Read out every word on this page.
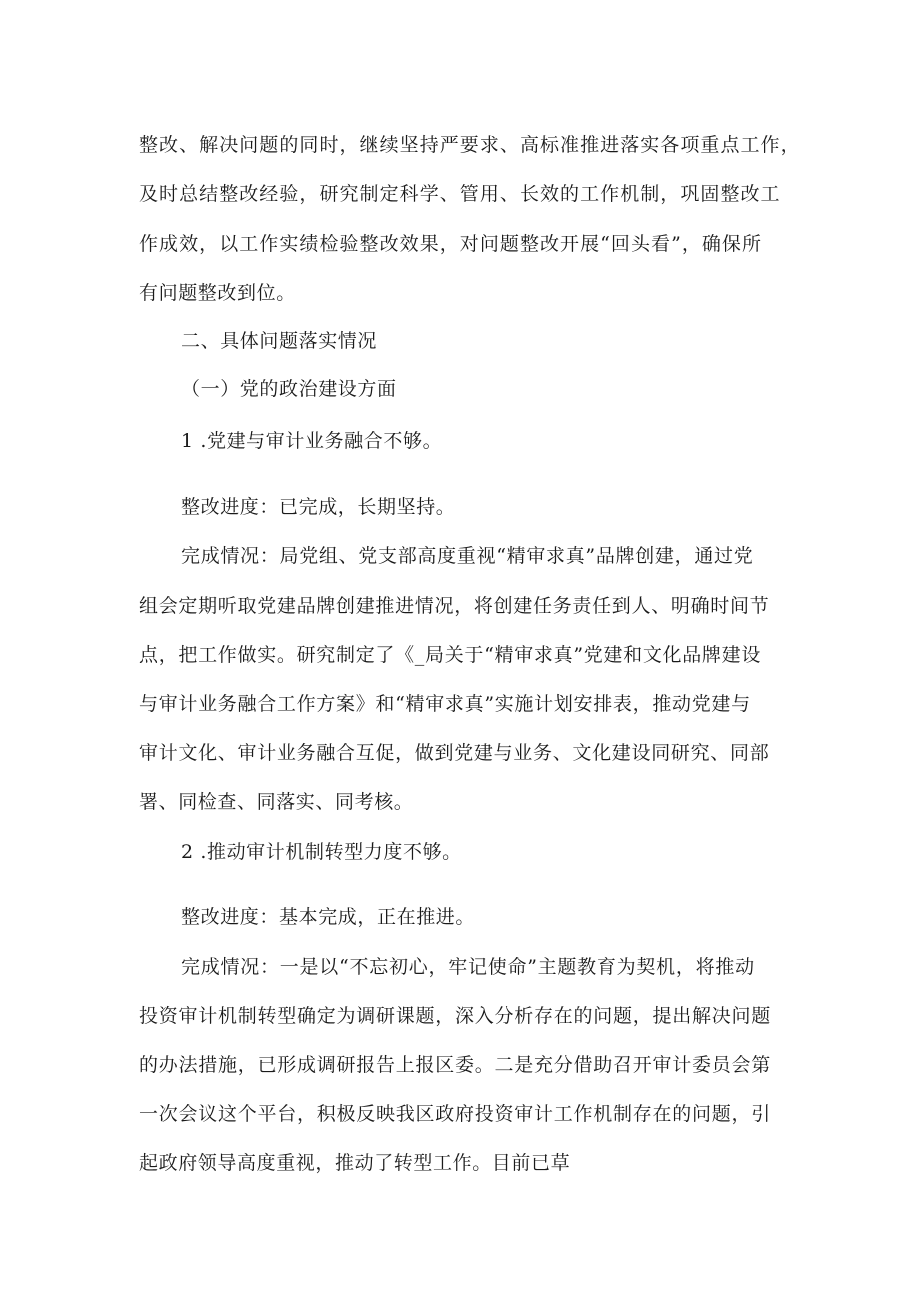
整改、解决问题的同时，继续坚持严要求、高标准推进落实各项重点工作，
及时总结整改经验，研究制定科学、管用、长效的工作机制，巩固整改工
作成效，以工作实绩检验整改效果，对问题整改开展“回头看”，确保所
有问题整改到位。
二、具体问题落实情况
（一）党的政治建设方面
1 .党建与审计业务融合不够。
整改进度：已完成，长期坚持。
完成情况：局党组、党支部高度重视“精审求真”品牌创建，通过党
组会定期听取党建品牌创建推进情况，将创建任务责任到人、明确时间节
点，把工作做实。研究制定了《_局关于“精审求真”党建和文化品牌建设
与审计业务融合工作方案》和“精审求真”实施计划安排表，推动党建与
审计文化、审计业务融合互促，做到党建与业务、文化建设同研究、同部
署、同检查、同落实、同考核。
2 .推动审计机制转型力度不够。
整改进度：基本完成，正在推进。
完成情况：一是以“不忘初心，牢记使命”主题教育为契机，将推动
投资审计机制转型确定为调研课题，深入分析存在的问题，提出解决问题
的办法措施，已形成调研报告上报区委。二是充分借助召开审计委员会第
一次会议这个平台，积极反映我区政府投资审计工作机制存在的问题，引
起政府领导高度重视，推动了转型工作。目前已草
